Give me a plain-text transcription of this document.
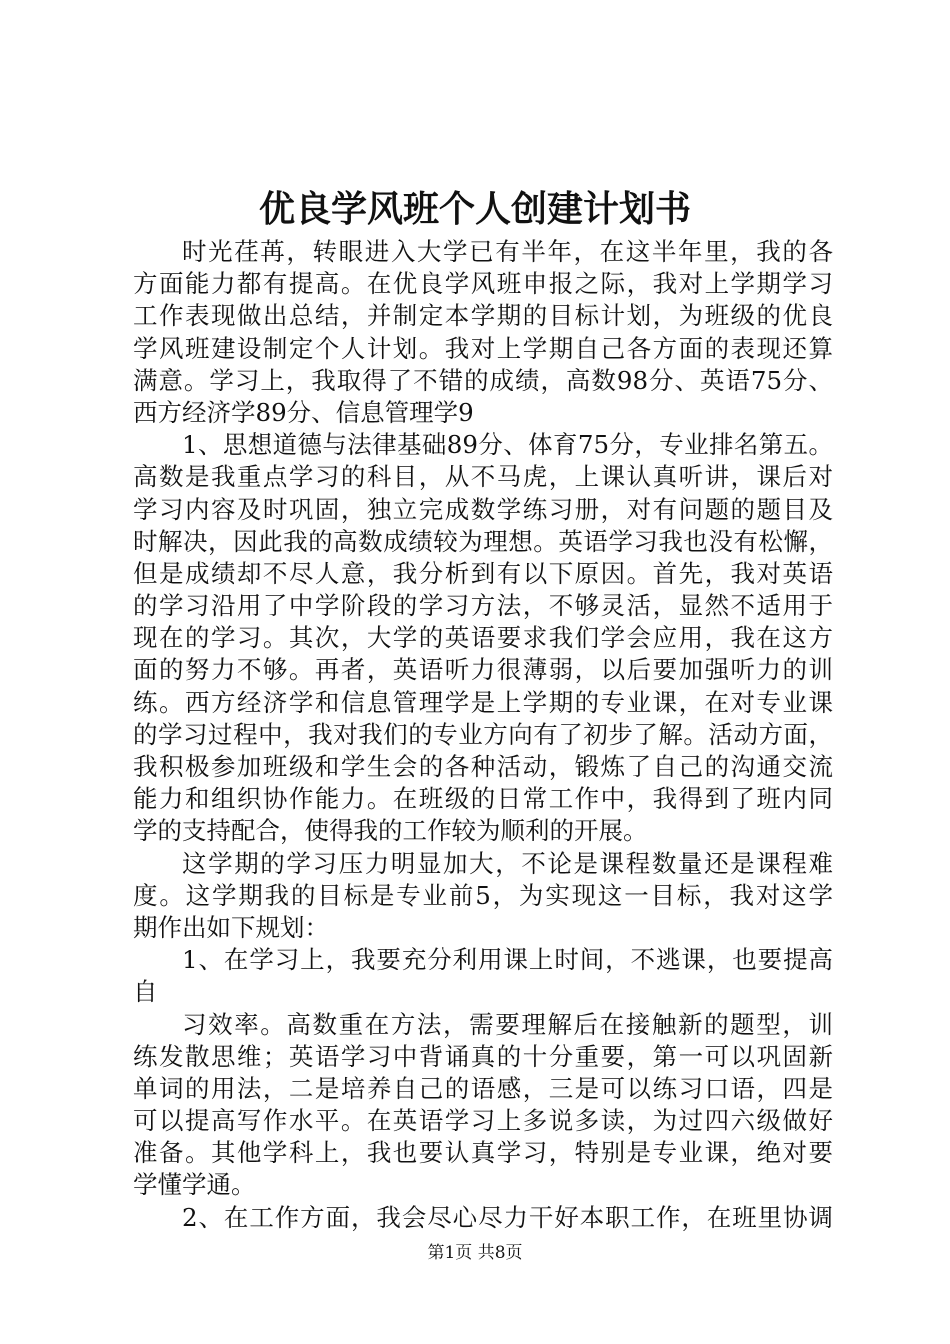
优良学风班个人创建计划书
时光荏苒，转眼进入大学已有半年，在这半年里，我的各
方面能力都有提高。在优良学风班申报之际，我对上学期学习
工作表现做出总结，并制定本学期的目标计划，为班级的优良
学风班建设制定个人计划。我对上学期自己各方面的表现还算
满意。学习上，我取得了不错的成绩，高数98分、英语75分、
西方经济学89分、信息管理学9
1、思想道德与法律基础89分、体育75分，专业排名第五。
高数是我重点学习的科目，从不马虎，上课认真听讲，课后对
学习内容及时巩固，独立完成数学练习册，对有问题的题目及
时解决，因此我的高数成绩较为理想。英语学习我也没有松懈，
但是成绩却不尽人意，我分析到有以下原因。首先，我对英语
的学习沿用了中学阶段的学习方法，不够灵活，显然不适用于
现在的学习。其次，大学的英语要求我们学会应用，我在这方
面的努力不够。再者，英语听力很薄弱，以后要加强听力的训
练。西方经济学和信息管理学是上学期的专业课，在对专业课
的学习过程中，我对我们的专业方向有了初步了解。活动方面，
我积极参加班级和学生会的各种活动，锻炼了自己的沟通交流
能力和组织协作能力。在班级的日常工作中，我得到了班内同
学的支持配合，使得我的工作较为顺利的开展。
这学期的学习压力明显加大，不论是课程数量还是课程难
度。这学期我的目标是专业前5，为实现这一目标，我对这学
期作出如下规划：
1、在学习上，我要充分利用课上时间，不逃课，也要提高
自
习效率。高数重在方法，需要理解后在接触新的题型，训
练发散思维；英语学习中背诵真的十分重要，第一可以巩固新
单词的用法，二是培养自己的语感，三是可以练习口语，四是
可以提高写作水平。在英语学习上多说多读，为过四六级做好
准备。其他学科上，我也要认真学习，特别是专业课，绝对要
学懂学通。
2、在工作方面，我会尽心尽力干好本职工作，在班里协调
第1页 共8页
